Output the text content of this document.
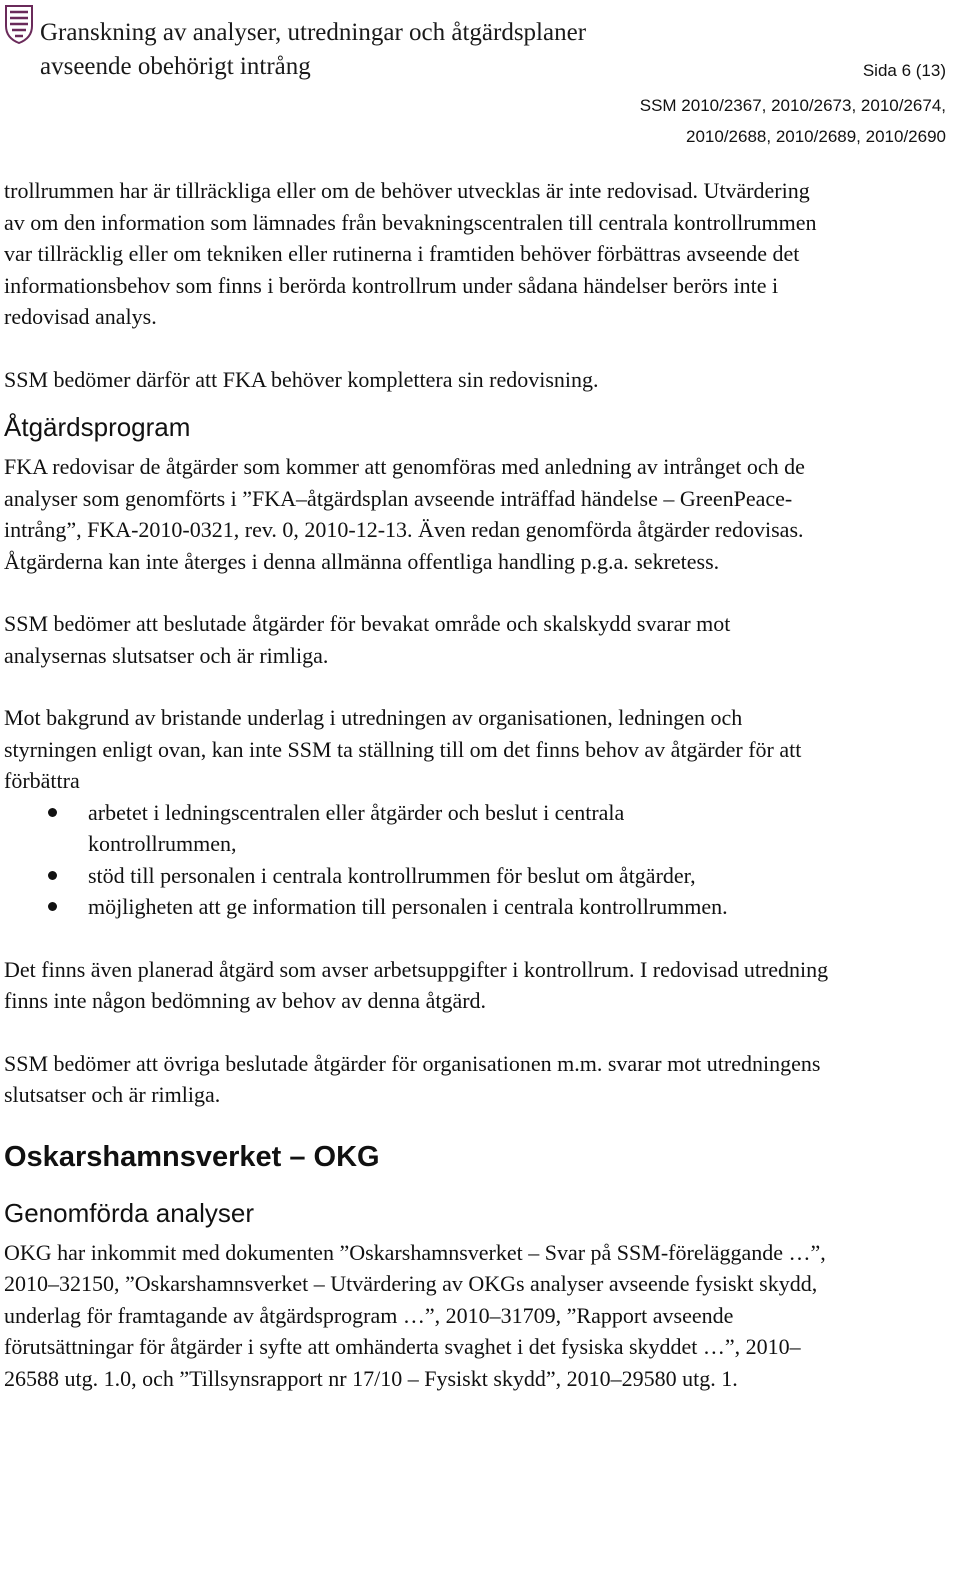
Granskning av analyser, utredningar och åtgärdsplaner avseende obehörigt intrång	Sida 6 (13)
SSM 2010/2367, 2010/2673, 2010/2674,
2010/2688, 2010/2689, 2010/2690

trollrummen har är tillräckliga eller om de behöver utvecklas är inte redovisad. Utvärdering av om den information som lämnades från bevakningscentralen till centrala kontrollrummen var tillräcklig eller om tekniken eller rutinerna i framtiden behöver förbättras avseende det informationsbehov som finns i berörda kontrollrum under sådana händelser berörs inte i redovisad analys.

SSM bedömer därför att FKA behöver komplettera sin redovisning.

Åtgärdsprogram

FKA redovisar de åtgärder som kommer att genomföras med anledning av intrånget och de analyser som genomförts i ”FKA–åtgärdsplan avseende inträffad händelse – GreenPeace-intrång”, FKA-2010-0321, rev. 0, 2010-12-13. Även redan genomförda åtgärder redovisas. Åtgärderna kan inte återges i denna allmänna offentliga handling p.g.a. sekretess.

SSM bedömer att beslutade åtgärder för bevakat område och skalskydd svarar mot analysernas slutsatser och är rimliga.

Mot bakgrund av bristande underlag i utredningen av organisationen, ledningen och styrningen enligt ovan, kan inte SSM ta ställning till om det finns behov av åtgärder för att förbättra

arbetet i ledningscentralen eller åtgärder och beslut i centrala kontrollrummen,
stöd till personalen i centrala kontrollrummen för beslut om åtgärder,
möjligheten att ge information till personalen i centrala kontrollrummen.

Det finns även planerad åtgärd som avser arbetsuppgifter i kontrollrum. I redovisad utredning finns inte någon bedömning av behov av denna åtgärd.

SSM bedömer att övriga beslutade åtgärder för organisationen m.m. svarar mot utredningens slutsatser och är rimliga.

Oskarshamnsverket – OKG
Genomförda analyser

OKG har inkommit med dokumenten ”Oskarshamnsverket – Svar på SSM-föreläggande …”, 2010–32150, ”Oskarshamnsverket – Utvärdering av OKGs analyser avseende fysiskt skydd, underlag för framtagande av åtgärdsprogram …”, 2010–31709, ”Rapport avseende förutsättningar för åtgärder i syfte att omhänderta svaghet i det fysiska skyddet …”, 2010–26588 utg. 1.0, och ”Tillsynsrapport nr 17/10 – Fysiskt skydd”, 2010–29580 utg. 1.
